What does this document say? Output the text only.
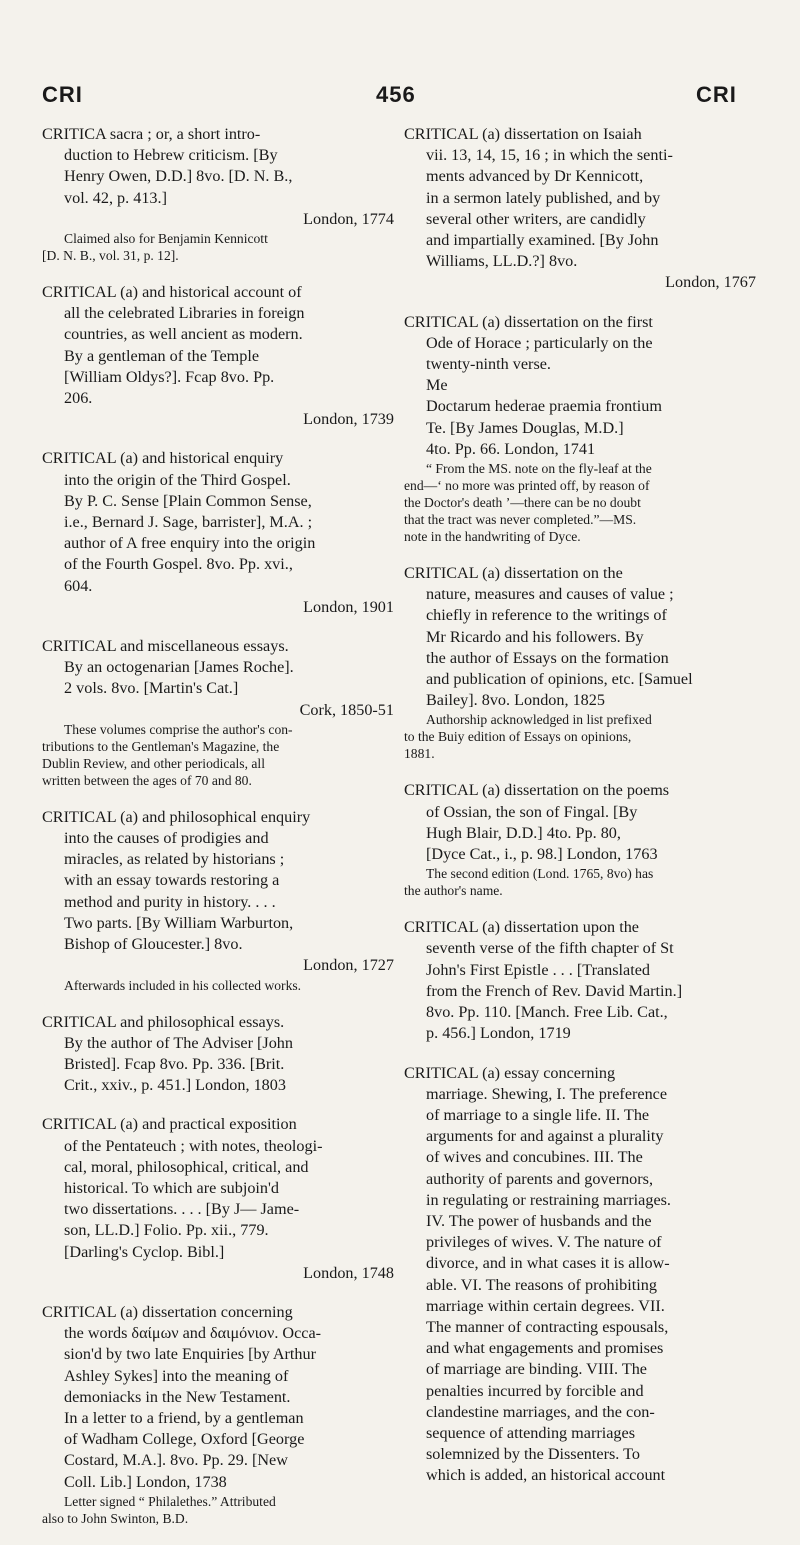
CRI	456	CRI
CRITICA sacra ; or, a short intro-
duction to Hebrew criticism. [By
Henry Owen, D.D.] 8vo. [D. N. B.,
vol. 42, p. 413.]
London, 1774
Claimed also for Benjamin Kennicott
[D. N. B., vol. 31, p. 12].
CRITICAL (a) and historical account of
all the celebrated Libraries in foreign
countries, as well ancient as modern.
By a gentleman of the Temple
[William Oldys?]. Fcap 8vo. Pp.
206.
London, 1739
CRITICAL (a) and historical enquiry
into the origin of the Third Gospel.
By P. C. Sense [Plain Common Sense,
i.e., Bernard J. Sage, barrister], M.A. ;
author of A free enquiry into the origin
of the Fourth Gospel. 8vo. Pp. xvi.,
604.
London, 1901
CRITICAL and miscellaneous essays.
By an octogenarian [James Roche].
2 vols. 8vo. [Martin's Cat.]
Cork, 1850-51
These volumes comprise the author's con-
tributions to the Gentleman's Magazine, the
Dublin Review, and other periodicals, all
written between the ages of 70 and 80.
CRITICAL (a) and philosophical enquiry
into the causes of prodigies and
miracles, as related by historians ;
with an essay towards restoring a
method and purity in history. . . .
Two parts. [By William Warburton,
Bishop of Gloucester.] 8vo.
London, 1727
Afterwards included in his collected works.
CRITICAL and philosophical essays.
By the author of The Adviser [John
Bristed]. Fcap 8vo. Pp. 336. [Brit.
Crit., xxiv., p. 451.] London, 1803
CRITICAL (a) and practical exposition
of the Pentateuch ; with notes, theologi-
cal, moral, philosophical, critical, and
historical. To which are subjoin'd
two dissertations. . . . [By J— Jame-
son, LL.D.] Folio. Pp. xii., 779.
[Darling's Cyclop. Bibl.]
London, 1748
CRITICAL (a) dissertation concerning
the words δαίμων and δαιμόνιον. Occa-
sion'd by two late Enquiries [by Arthur
Ashley Sykes] into the meaning of
demoniacks in the New Testament.
In a letter to a friend, by a gentleman
of Wadham College, Oxford [George
Costard, M.A.]. 8vo. Pp. 29. [New
Coll. Lib.] London, 1738
Letter signed “ Philalethes.” Attributed
also to John Swinton, B.D.
CRITICAL (a) dissertation on Isaiah
vii. 13, 14, 15, 16 ; in which the senti-
ments advanced by Dr Kennicott,
in a sermon lately published, and by
several other writers, are candidly
and impartially examined. [By John
Williams, LL.D.?] 8vo.
London, 1767
CRITICAL (a) dissertation on the first
Ode of Horace ; particularly on the
twenty-ninth verse.
Me
Doctarum hederae praemia frontium
Te. [By James Douglas, M.D.]
4to. Pp. 66. London, 1741
“ From the MS. note on the fly-leaf at the
end—‘ no more was printed off, by reason of
the Doctor's death ’—there can be no doubt
that the tract was never completed.”—MS.
note in the handwriting of Dyce.
CRITICAL (a) dissertation on the
nature, measures and causes of value ;
chiefly in reference to the writings of
Mr Ricardo and his followers. By
the author of Essays on the formation
and publication of opinions, etc. [Samuel
Bailey]. 8vo. London, 1825
Authorship acknowledged in list prefixed
to the Buiy edition of Essays on opinions,
1881.
CRITICAL (a) dissertation on the poems
of Ossian, the son of Fingal. [By
Hugh Blair, D.D.] 4to. Pp. 80,
[Dyce Cat., i., p. 98.] London, 1763
The second edition (Lond. 1765, 8vo) has
the author's name.
CRITICAL (a) dissertation upon the
seventh verse of the fifth chapter of St
John's First Epistle . . . [Translated
from the French of Rev. David Martin.]
8vo. Pp. 110. [Manch. Free Lib. Cat.,
p. 456.] London, 1719
CRITICAL (a) essay concerning
marriage. Shewing, I. The preference
of marriage to a single life. II. The
arguments for and against a plurality
of wives and concubines. III. The
authority of parents and governors,
in regulating or restraining marriages.
IV. The power of husbands and the
privileges of wives. V. The nature of
divorce, and in what cases it is allow-
able. VI. The reasons of prohibiting
marriage within certain degrees. VII.
The manner of contracting espousals,
and what engagements and promises
of marriage are binding. VIII. The
penalties incurred by forcible and
clandestine marriages, and the con-
sequence of attending marriages
solemnized by the Dissenters. To
which is added, an historical account
